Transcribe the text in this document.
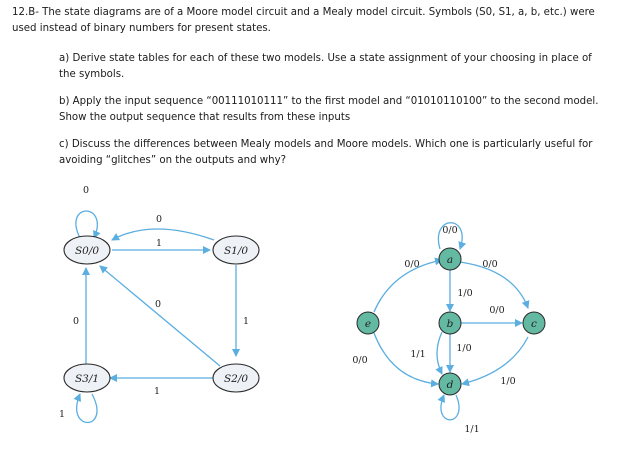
12.B- The state diagrams are of a Moore model circuit and a Mealy model circuit. Symbols (S0, S1, a, b, etc.) were used instead of binary numbers for present states.
a) Derive state tables for each of these two models. Use a state assignment of your choosing in place of the symbols.
b) Apply the input sequence “00111010111” to the first model and “01010110100” to the second model. Show the output sequence that results from these inputs
c) Discuss the differences between Mealy models and Moore models. Which one is particularly useful for avoiding “glitches” on the outputs and why?
S0/0	S1/0
S2/0
S3/1
0
0
1
0
1
0
1
1
a
b	c
d
e
0/0
0/0	0/0
1/0
0/0
0/0
1/1
1/0
1/0
1/1
